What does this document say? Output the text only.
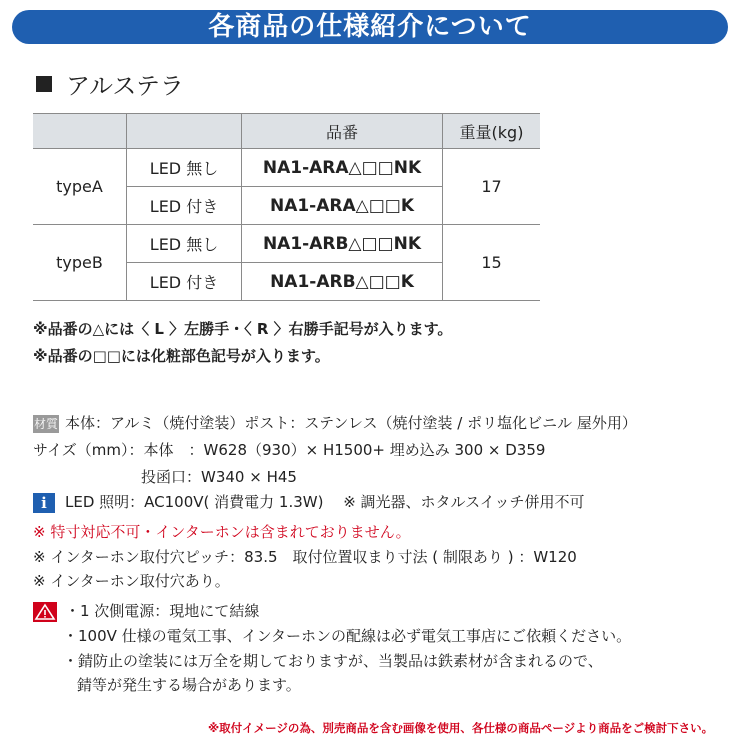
各商品の仕様紹介について
アルステラ
		品番	重量(kg)
typeA	LED 無し	NA1-ARA△□□NK	17
	LED 付き	NA1-ARA△□□K	
typeB	LED 無し	NA1-ARB△□□NK	15
	LED 付き	NA1-ARB△□□K	
※品番の△には〈 L 〉左勝手・〈 R 〉右勝手記号が入ります。
※品番の□□には化粧部色記号が入ります。
材質 本体：アルミ（焼付塗装）ポスト：ステンレス（焼付塗装 / ポリ塩化ビニル 屋外用）
サイズ（mm）：本体　：W628（930）× H1500+ 埋め込み 300 × D359
投函口：W340 × H45
i LED 照明：AC100V( 消費電力 1.3W)　 ※ 調光器、ホタルスイッチ併用不可
※ 特寸対応不可・インターホンは含まれておりません。
※ インターホン取付穴ピッチ：83.5　取付位置収まり寸法 ( 制限あり ) ：W120
※ インターホン取付穴あり。
・1 次側電源：現地にて結線
・100V 仕様の電気工事、インターホンの配線は必ず電気工事店にご依頼ください。
・錆防止の塗装には万全を期しておりますが、当製品は鉄素材が含まれるので、
錆等が発生する場合があります。
※取付イメージの為、別売商品を含む画像を使用、各仕様の商品ページより商品をご検討下さい。
